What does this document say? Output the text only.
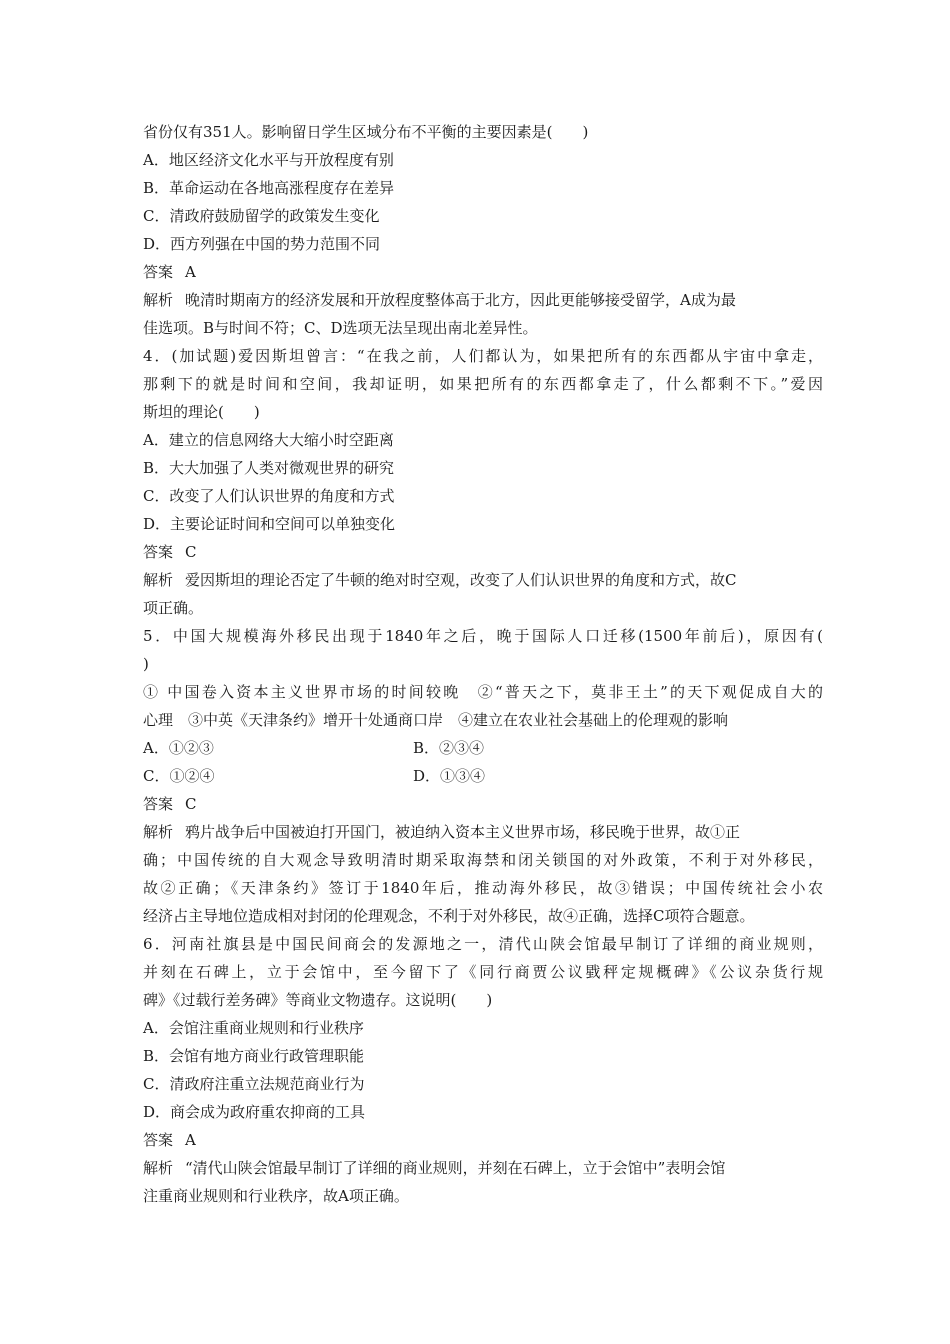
省份仅有351人。影响留日学生区域分布不平衡的主要因素是(　　)
A．地区经济文化水平与开放程度有别
B．革命运动在各地高涨程度存在差异
C．清政府鼓励留学的政策发生变化
D．西方列强在中国的势力范围不同
答案 A
解析 晚清时期南方的经济发展和开放程度整体高于北方，因此更能够接受留学，A成为最
佳选项。B与时间不符；C、D选项无法呈现出南北差异性。
4．(加试题)爱因斯坦曾言：“在我之前，人们都认为，如果把所有的东西都从宇宙中拿走，
那剩下的就是时间和空间，我却证明，如果把所有的东西都拿走了，什么都剩不下。”爱因
斯坦的理论(　　)
A．建立的信息网络大大缩小时空距离
B．大大加强了人类对微观世界的研究
C．改变了人们认识世界的角度和方式
D．主要论证时间和空间可以单独变化
答案 C
解析 爱因斯坦的理论否定了牛顿的绝对时空观，改变了人们认识世界的角度和方式，故C
项正确。
5．中国大规模海外移民出现于1840年之后，晚于国际人口迁移(1500年前后)，原因有(
)
① 中国卷入资本主义世界市场的时间较晚　②“普天之下，莫非王土”的天下观促成自大的
心理　③中英《天津条约》增开十处通商口岸　④建立在农业社会基础上的伦理观的影响
A．①②③	B．②③④
C．①②④	D．①③④
答案 C
解析 鸦片战争后中国被迫打开国门，被迫纳入资本主义世界市场，移民晚于世界，故①正
确；中国传统的自大观念导致明清时期采取海禁和闭关锁国的对外政策，不利于对外移民，
故②正确；《天津条约》签订于1840年后，推动海外移民，故③错误；中国传统社会小农
经济占主导地位造成相对封闭的伦理观念，不利于对外移民，故④正确，选择C项符合题意。
6．河南社旗县是中国民间商会的发源地之一，清代山陕会馆最早制订了详细的商业规则，
并刻在石碑上，立于会馆中，至今留下了《同行商贾公议戥秤定规概碑》《公议杂货行规
碑》《过载行差务碑》等商业文物遗存。这说明(　　)
A．会馆注重商业规则和行业秩序
B．会馆有地方商业行政管理职能
C．清政府注重立法规范商业行为
D．商会成为政府重农抑商的工具
答案 A
解析 “清代山陕会馆最早制订了详细的商业规则，并刻在石碑上，立于会馆中”表明会馆
注重商业规则和行业秩序，故A项正确。
